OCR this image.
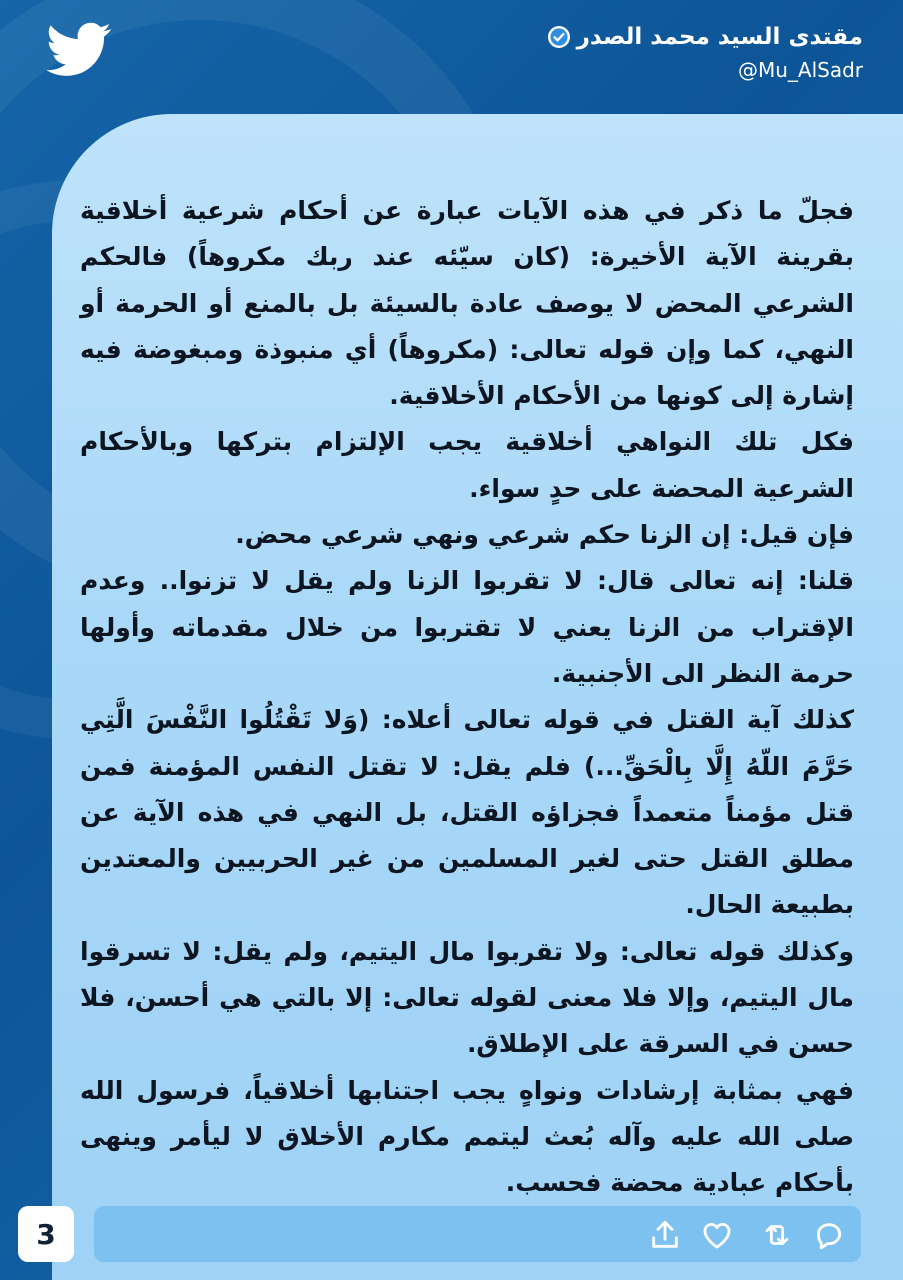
مقتدى السيد محمد الصدر
@Mu_AlSadr

فجلّ ما ذكر في هذه الآيات عبارة عن أحكام شرعية أخلاقية بقرينة الآية الأخيرة: (كان سيّئه عند ربك مكروهاً) فالحكم الشرعي المحض لا يوصف عادة بالسيئة بل بالمنع أو الحرمة أو النهي، كما وإن قوله تعالى: (مكروهاً) أي منبوذة ومبغوضة فيه إشارة إلى كونها من الأحكام الأخلاقية.

فكل تلك النواهي أخلاقية يجب الإلتزام بتركها وبالأحكام الشرعية المحضة على حدٍ سواء.

فإن قيل: إن الزنا حكم شرعي ونهي شرعي محض.

قلنا: إنه تعالى قال: لا تقربوا الزنا ولم يقل لا تزنوا.. وعدم الإقتراب من الزنا يعني لا تقتربوا من خلال مقدماته وأولها حرمة النظر الى الأجنبية.

كذلك آية القتل في قوله تعالى أعلاه: (وَلا تَقْتُلُوا النَّفْسَ الَّتِي حَرَّمَ اللّهُ إِلَّا بِالْحَقِّ...) فلم يقل: لا تقتل النفس المؤمنة فمن قتل مؤمناً متعمداً فجزاؤه القتل، بل النهي في هذه الآية عن مطلق القتل حتى لغير المسلمين من غير الحربيين والمعتدين بطبيعة الحال.

وكذلك قوله تعالى: ولا تقربوا مال اليتيم، ولم يقل: لا تسرقوا مال اليتيم، وإلا فلا معنى لقوله تعالى: إلا بالتي هي أحسن، فلا حسن في السرقة على الإطلاق.

فهي بمثابة إرشادات ونواهٍ يجب اجتنابها أخلاقياً، فرسول الله صلى الله عليه وآله بُعث ليتمم مكارم الأخلاق لا ليأمر وينهى بأحكام عبادية محضة فحسب.

3
